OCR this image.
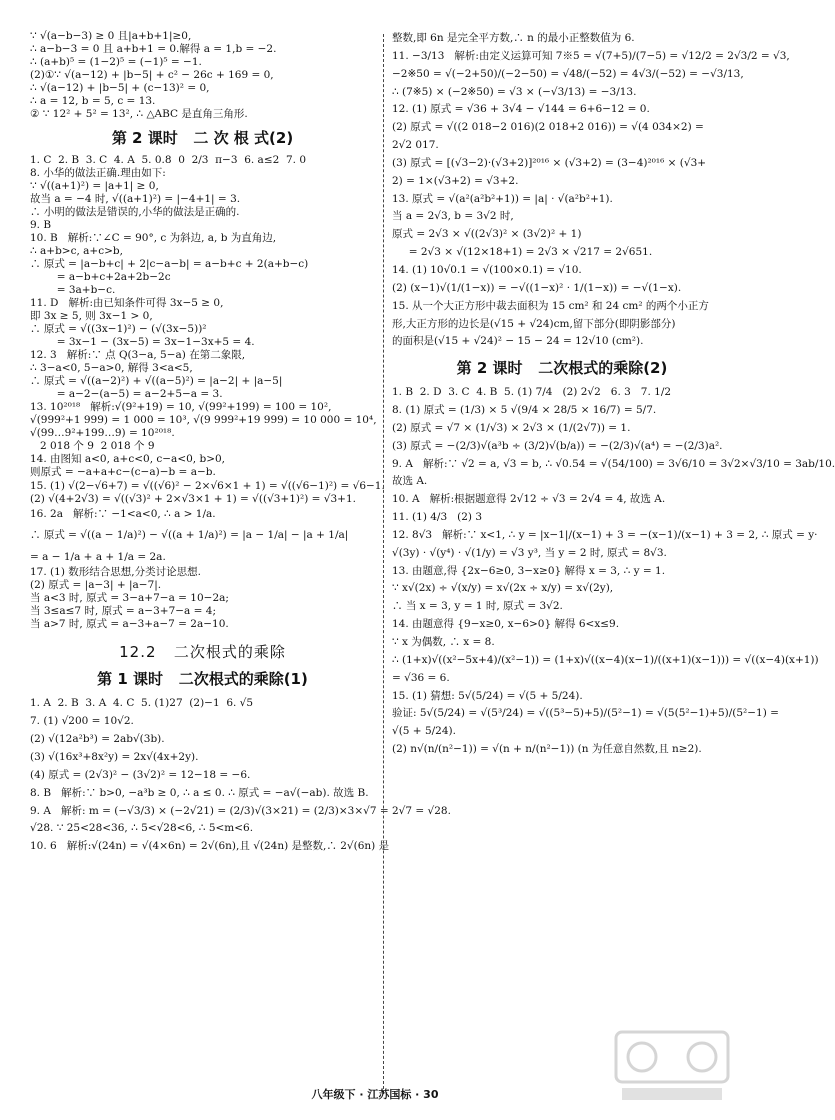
∵ √(a−b−3) ≥ 0 且|a+b+1|≥0,

∴ a−b−3 = 0 且 a+b+1 = 0.解得 a = 1,b = −2.

∴ (a+b)⁵ = (1−2)⁵ = (−1)⁵ = −1.

(2)①∵ √(a−12) + |b−5| + c² − 26c + 169 = 0,

∴ √(a−12) + |b−5| + (c−13)² = 0,

∴ a = 12, b = 5, c = 13.

② ∵ 12² + 5² = 13², ∴ △ABC 是直角三角形.

第 2 课时   二 次 根 式(2)

1. C  2. B  3. C  4. A  5. 0.8  0  2/3  π−3  6. a≤2  7. 0

8. 小华的做法正确.理由如下:

∵ √((a+1)²) = |a+1| ≥ 0,

故当 a = −4 时, √((a+1)²) = |−4+1| = 3.

∴ 小明的做法是错误的,小华的做法是正确的.

9. B

10. B   解析:∵∠C = 90°, c 为斜边, a, b 为直角边,

∴ a+b>c, a+c>b,

∴ 原式 = |a−b+c| + 2|c−a−b| = a−b+c + 2(a+b−c)

= a−b+c+2a+2b−2c

= 3a+b−c.

11. D   解析:由已知条件可得 3x−5 ≥ 0,

即 3x ≥ 5, 则 3x−1 > 0,

∴ 原式 = √((3x−1)²) − (√(3x−5))²

= 3x−1 − (3x−5) = 3x−1−3x+5 = 4.

12. 3   解析:∵ 点 Q(3−a, 5−a) 在第二象限,

∴ 3−a<0, 5−a>0, 解得 3<a<5,

∴ 原式 = √((a−2)²) + √((a−5)²) = |a−2| + |a−5|

= a−2−(a−5) = a−2+5−a = 3.

13. 10²⁰¹⁸   解析:√(9²+19) = 10, √(99²+199) = 100 = 10²,

√(999²+1 999) = 1 000 = 10³, √(9 999²+19 999) = 10 000 = 10⁴,

√(99…9²+199…9) = 10²⁰¹⁸.

2 018 个 9  2 018 个 9

14. 由图知 a<0, a+c<0, c−a<0, b>0,

则原式 = −a+a+c−(c−a)−b = a−b.

15. (1) √(2−√6+7) = √((√6)² − 2×√6×1 + 1) = √((√6−1)²) = √6−1.

(2) √(4+2√3) = √((√3)² + 2×√3×1 + 1) = √((√3+1)²) = √3+1.

16. 2a   解析:∵ −1<a<0, ∴ a > 1/a.

∴ 原式 = √((a − 1/a)²) − √((a + 1/a)²) = |a − 1/a| − |a + 1/a|

= a − 1/a + a + 1/a = 2a.

17. (1) 数形结合思想,分类讨论思想.

(2) 原式 = |a−3| + |a−7|.

当 a<3 时, 原式 = 3−a+7−a = 10−2a;

当 3≤a≤7 时, 原式 = a−3+7−a = 4;

当 a>7 时, 原式 = a−3+a−7 = 2a−10.

12.2   二次根式的乘除
第 1 课时   二次根式的乘除(1)

1. A  2. B  3. A  4. C  5. (1)27  (2)−1  6. √5

7. (1) √200 = 10√2.

(2) √(12a²b³) = 2ab√(3b).

(3) √(16x³+8x²y) = 2x√(4x+2y).

(4) 原式 = (2√3)² − (3√2)² = 12−18 = −6.

8. B   解析:∵ b>0, −a³b ≥ 0, ∴ a ≤ 0. ∴ 原式 = −a√(−ab). 故选 B.

9. A   解析: m = (−√3/3) × (−2√21) = (2/3)√(3×21) = (2/3)×3×√7 = 2√7 = √28.

√28. ∵ 25<28<36, ∴ 5<√28<6, ∴ 5<m<6.

10. 6   解析:√(24n) = √(4×6n) = 2√(6n),且 √(24n) 是整数,∴ 2√(6n) 是

整数,即 6n 是完全平方数,∴ n 的最小正整数值为 6.

11. −3/13   解析:由定义运算可知 7※5 = √(7+5)/(7−5) = √12/2 = 2√3/2 = √3,

−2※50 = √(−2+50)/(−2−50) = √48/(−52) = 4√3/(−52) = −√3/13,

∴ (7※5) × (−2※50) = √3 × (−√3/13) = −3/13.

12. (1) 原式 = √36 + 3√4 − √144 = 6+6−12 = 0.

(2) 原式 = √((2 018−2 016)(2 018+2 016)) = √(4 034×2) =

2√2 017.

(3) 原式 = [(√3−2)·(√3+2)]²⁰¹⁶ × (√3+2) = (3−4)²⁰¹⁶ × (√3+

2) = 1×(√3+2) = √3+2.

13. 原式 = √(a²(a²b²+1)) = |a| · √(a²b²+1).

当 a = 2√3, b = 3√2 时,

原式 = 2√3 × √((2√3)² × (3√2)² + 1)

= 2√3 × √(12×18+1) = 2√3 × √217 = 2√651.

14. (1) 10√0.1 = √(100×0.1) = √10.

(2) (x−1)√(1/(1−x)) = −√((1−x)² · 1/(1−x)) = −√(1−x).

15. 从一个大正方形中裁去面积为 15 cm² 和 24 cm² 的两个小正方

形,大正方形的边长是(√15 + √24)cm,留下部分(即阴影部分)

的面积是(√15 + √24)² − 15 − 24 = 12√10 (cm²).

第 2 课时   二次根式的乘除(2)

1. B  2. D  3. C  4. B  5. (1) 7/4   (2) 2√2   6. 3   7. 1/2

8. (1) 原式 = (1/3) × 5 √(9/4 × 28/5 × 16/7) = 5/7.

(2) 原式 = √7 × (1/√3) × 2√3 × (1/(2√7)) = 1.

(3) 原式 = −(2/3)√(a³b ÷ (3/2)√(b/a)) = −(2/3)√(a⁴) = −(2/3)a².

9. A   解析:∵ √2 = a, √3 = b, ∴ √0.54 = √(54/100) = 3√6/10 = 3√2×√3/10 = 3ab/10.

故选 A.

10. A   解析:根据题意得 2√12 ÷ √3 = 2√4 = 4, 故选 A.

11. (1) 4/3   (2) 3

12. 8√3   解析:∵ x<1, ∴ y = |x−1|/(x−1) + 3 = −(x−1)/(x−1) + 3 = 2, ∴ 原式 = y·

√(3y) · √(y⁴) · √(1/y) = √3 y³, 当 y = 2 时, 原式 = 8√3.

13. 由题意,得 {2x−6≥0, 3−x≥0} 解得 x = 3, ∴ y = 1.

∵ x√(2x) ÷ √(x/y) = x√(2x ÷ x/y) = x√(2y),

∴ 当 x = 3, y = 1 时, 原式 = 3√2.

14. 由题意得 {9−x≥0, x−6>0} 解得 6<x≤9.

∵ x 为偶数, ∴ x = 8.

∴ (1+x)√((x²−5x+4)/(x²−1)) = (1+x)√((x−4)(x−1)/((x+1)(x−1))) = √((x−4)(x+1))

= √36 = 6.

15. (1) 猜想: 5√(5/24) = √(5 + 5/24).

验证: 5√(5/24) = √(5³/24) = √((5³−5)+5)/(5²−1) = √(5(5²−1)+5)/(5²−1) =

√(5 + 5/24).

(2) n√(n/(n²−1)) = √(n + n/(n²−1)) (n 为任意自然数,且 n≥2).

八年级下 · 江苏国标 · 30
